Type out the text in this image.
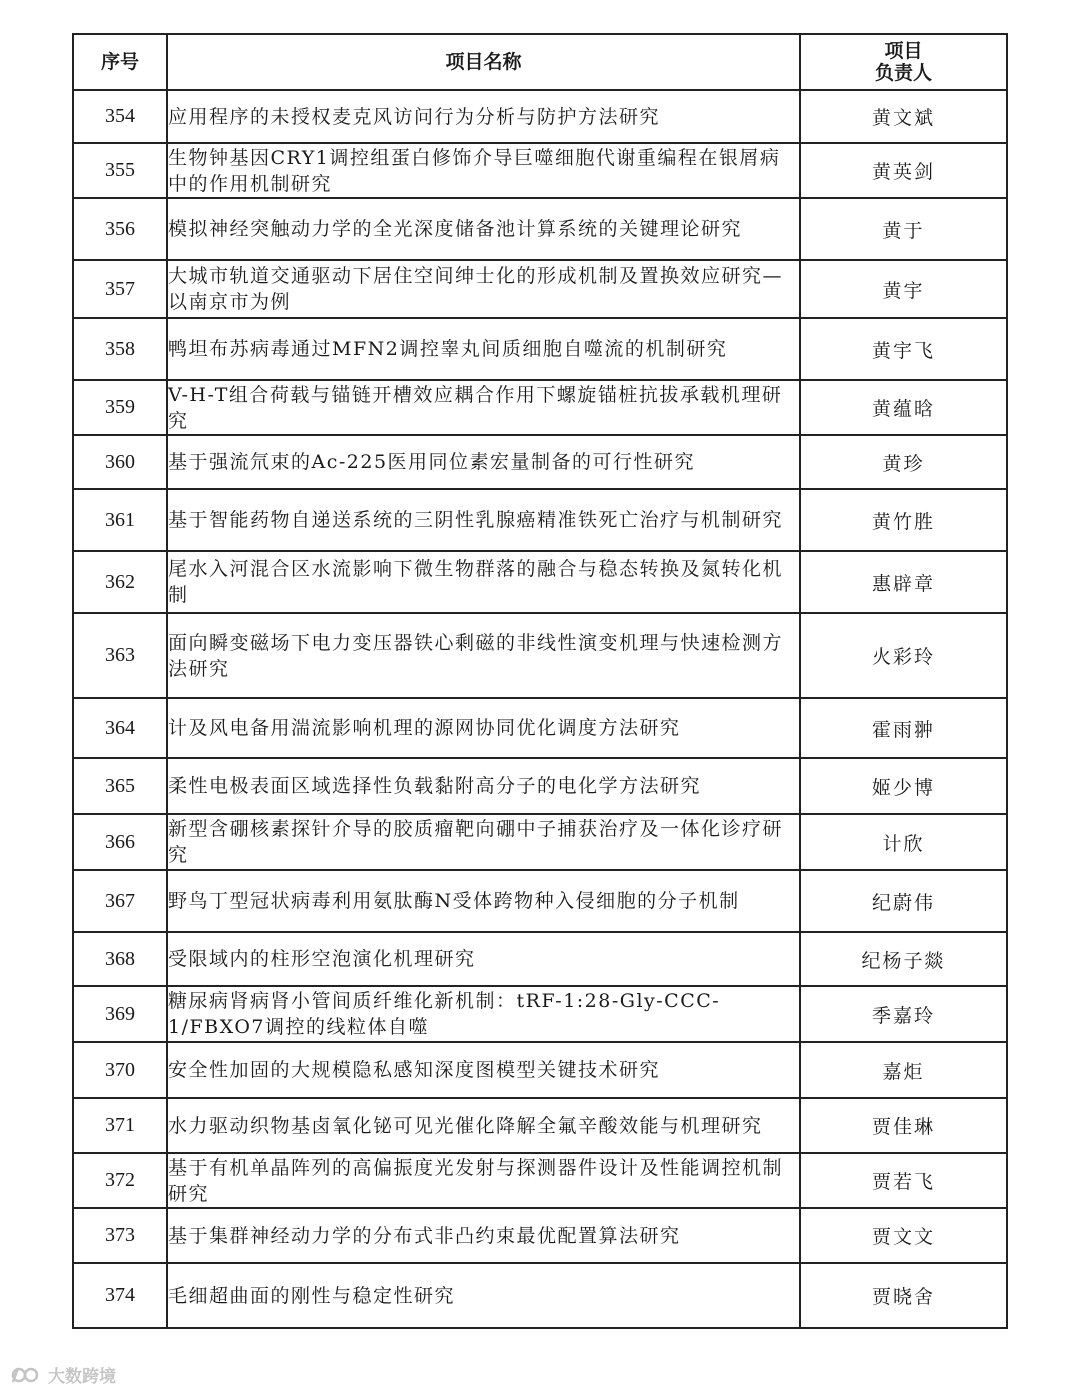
序号	项目名称	项目
负责人

354	应用程序的未授权麦克风访问行为分析与防护方法研究	黄文斌
355	生物钟基因CRY1调控组蛋白修饰介导巨噬细胞代谢重编程在银屑病中的作用机制研究	黄英剑
356	模拟神经突触动力学的全光深度储备池计算系统的关键理论研究	黄于
357	大城市轨道交通驱动下居住空间绅士化的形成机制及置换效应研究—以南京市为例	黄宇
358	鸭坦布苏病毒通过MFN2调控睾丸间质细胞自噬流的机制研究	黄宇飞
359	V-H-T组合荷载与锚链开槽效应耦合作用下螺旋锚桩抗拔承载机理研究	黄蕴晗
360	基于强流氘束的Ac-225医用同位素宏量制备的可行性研究	黄珍
361	基于智能药物自递送系统的三阴性乳腺癌精准铁死亡治疗与机制研究	黄竹胜
362	尾水入河混合区水流影响下微生物群落的融合与稳态转换及氮转化机制	惠辟章
363	面向瞬变磁场下电力变压器铁心剩磁的非线性演变机理与快速检测方法研究	火彩玲
364	计及风电备用湍流影响机理的源网协同优化调度方法研究	霍雨翀
365	柔性电极表面区域选择性负载黏附高分子的电化学方法研究	姬少博
366	新型含硼核素探针介导的胶质瘤靶向硼中子捕获治疗及一体化诊疗研究	计欣
367	野鸟丁型冠状病毒利用氨肽酶N受体跨物种入侵细胞的分子机制	纪蔚伟
368	受限域内的柱形空泡演化机理研究	纪杨子燚
369	糖尿病肾病肾小管间质纤维化新机制：tRF-1:28-Gly-CCC-1/FBXO7调控的线粒体自噬	季嘉玲
370	安全性加固的大规模隐私感知深度图模型关键技术研究	嘉炬
371	水力驱动织物基卤氧化铋可见光催化降解全氟辛酸效能与机理研究	贾佳琳
372	基于有机单晶阵列的高偏振度光发射与探测器件设计及性能调控机制研究	贾若飞
373	基于集群神经动力学的分布式非凸约束最优配置算法研究	贾文文
374	毛细超曲面的刚性与稳定性研究	贾晓舍
大数跨境
